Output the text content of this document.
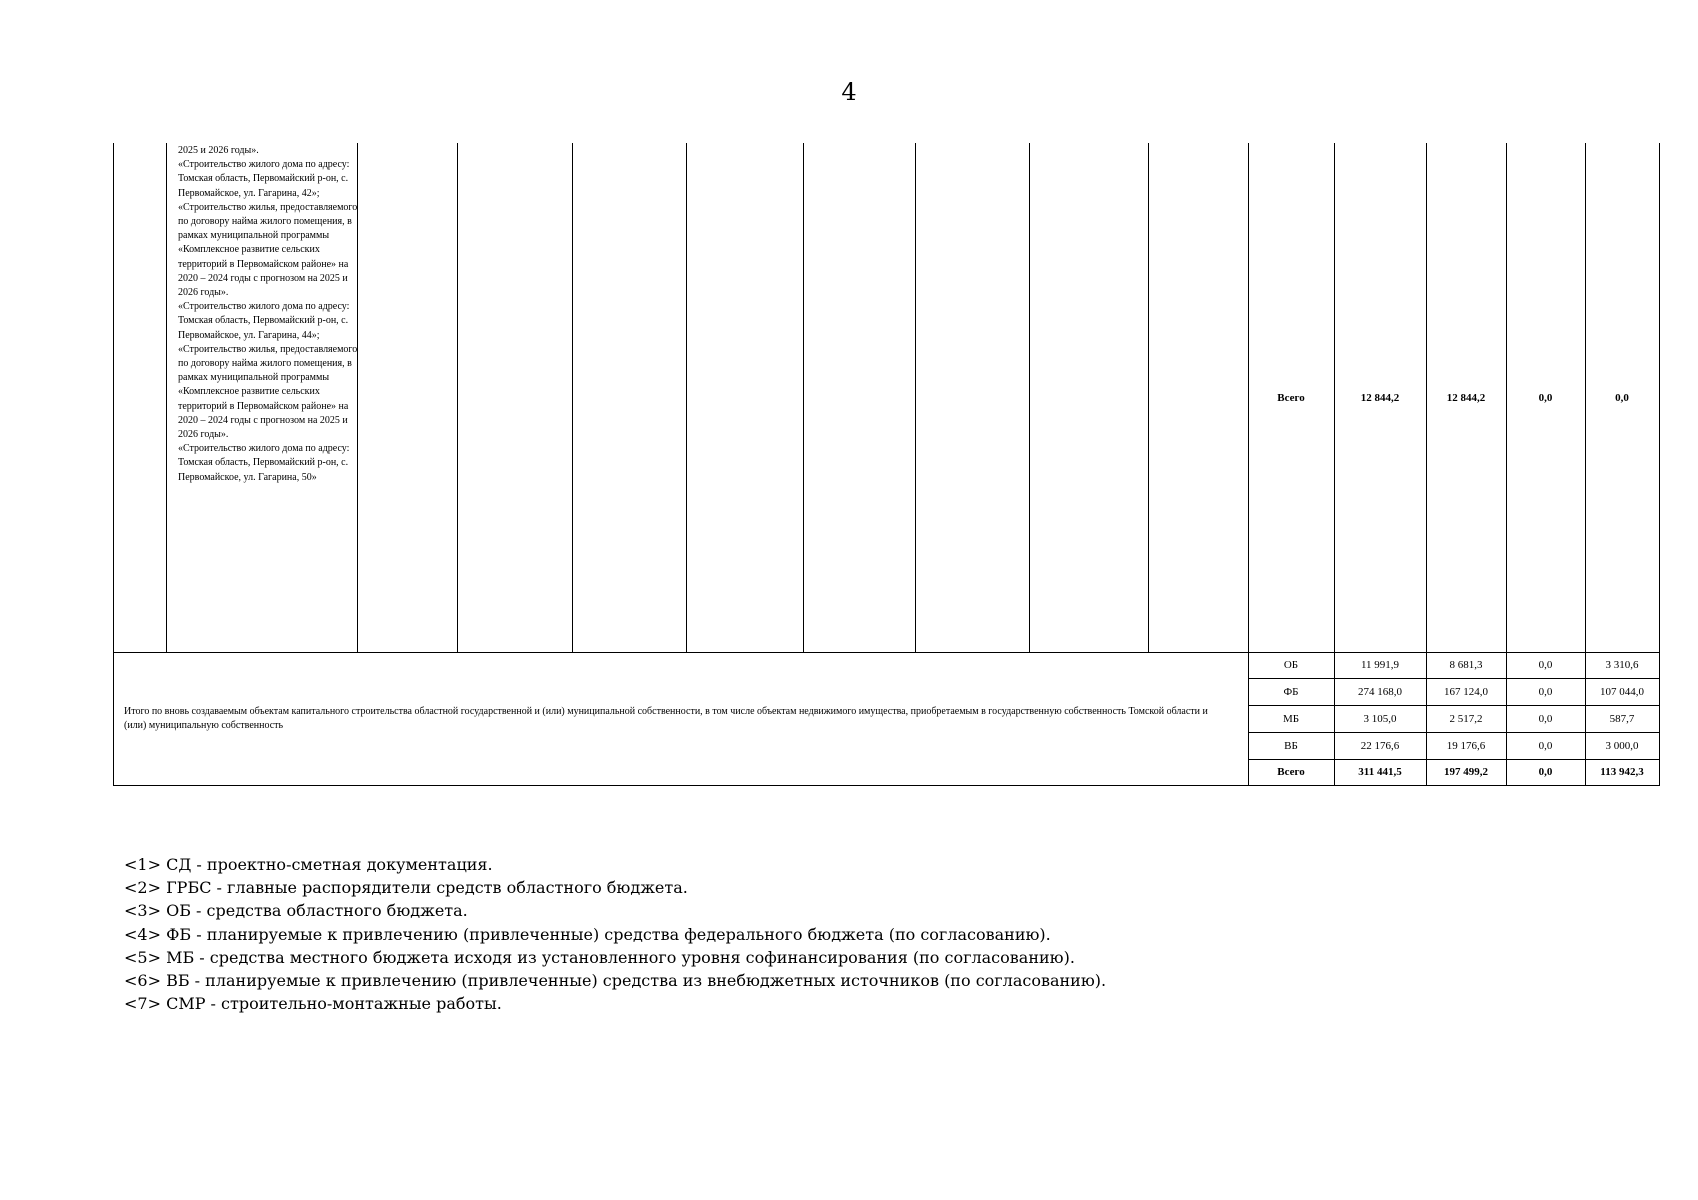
4
2025 и 2026 годы».
«Строительство жилого дома по адресу: Томская область, Первомайский р-он, с. Первомайское, ул. Гагарина, 42»; «Строительство жилья, предоставляемого по договору найма жилого помещения, в рамках муниципальной программы «Комплексное развитие сельских территорий в Первомайском районе» на 2020 – 2024 годы с прогнозом на 2025 и 2026 годы».
«Строительство жилого дома по адресу: Томская область, Первомайский р-он, с. Первомайское, ул. Гагарина, 44»; «Строительство жилья, предоставляемого по договору найма жилого помещения, в рамках муниципальной программы «Комплексное развитие сельских территорий в Первомайском районе» на 2020 – 2024 годы с прогнозом на 2025 и 2026 годы».
«Строительство жилого дома по адресу: Томская область, Первомайский р-он, с. Первомайское, ул. Гагарина, 50»
Всего	12 844,2	12 844,2	0,0	0,0
Итого по вновь создаваемым объектам капитального строительства областной государственной и (или) муниципальной собственности, в том числе объектам недвижимого имущества, приобретаемым в государственную собственность Томской области и (или) муниципальную собственность
ОБ	11 991,9	8 681,3	0,0	3 310,6
ФБ	274 168,0	167 124,0	0,0	107 044,0
МБ	3 105,0	2 517,2	0,0	587,7
ВБ	22 176,6	19 176,6	0,0	3 000,0
Всего	311 441,5	197 499,2	0,0	113 942,3
<1> СД - проектно-сметная документация.
<2> ГРБС - главные распорядители средств областного бюджета.
<3> ОБ - средства областного бюджета.
<4> ФБ - планируемые к привлечению (привлеченные) средства федерального бюджета (по согласованию).
<5> МБ - средства местного бюджета исходя из установленного уровня софинансирования (по согласованию).
<6> ВБ - планируемые к привлечению (привлеченные) средства из внебюджетных источников (по согласованию).
<7> СМР - строительно-монтажные работы.
